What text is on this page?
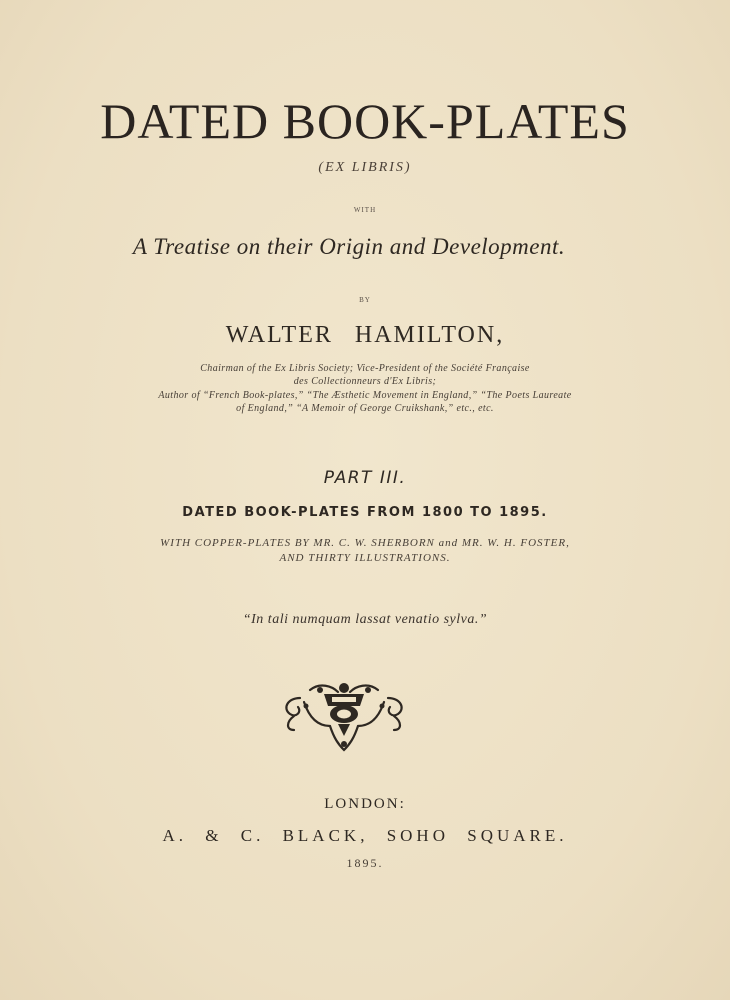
DATED BOOK-PLATES
(EX LIBRIS)
WITH
A Treatise on their Origin and Development.
BY
WALTER HAMILTON,
Chairman of the Ex Libris Society; Vice-President of the Société Française
des Collectionneurs d'Ex Libris;
Author of “French Book-plates,” “The Æsthetic Movement in England,” “The Poets Laureate
of England,” “A Memoir of George Cruikshank,” etc., etc.
PART III.
DATED BOOK-PLATES FROM 1800 TO 1895.
WITH COPPER-PLATES BY MR. C. W. SHERBORN and MR. W. H. FOSTER,
AND THIRTY ILLUSTRATIONS.
“In tali numquam lassat venatio sylva.”
LONDON:
A. & C. BLACK, SOHO SQUARE.
1895.
